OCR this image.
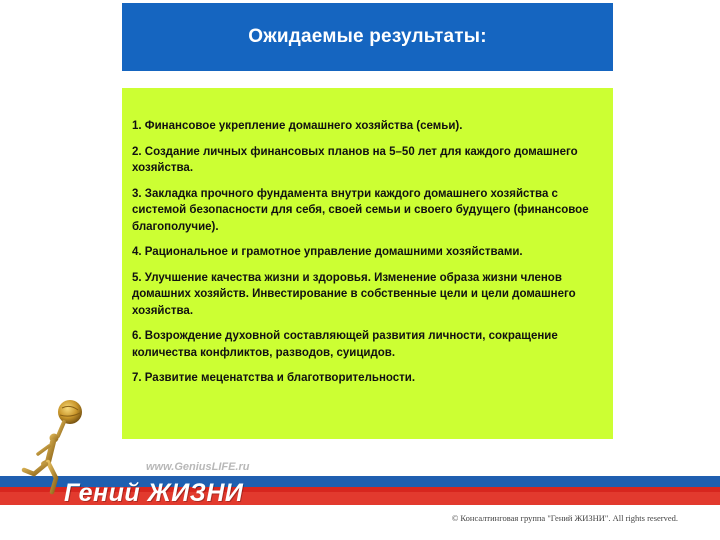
Ожидаемые результаты:
1. Финансовое укрепление домашнего хозяйства (семьи).
2. Создание личных финансовых планов на 5–50 лет для каждого домашнего хозяйства.
3. Закладка прочного фундамента внутри каждого домашнего хозяйства с системой безопасности для себя, своей семьи и своего будущего (финансовое благополучие).
4. Рациональное и грамотное управление домашними хозяйствами.
5. Улучшение качества жизни и здоровья. Изменение образа жизни членов домашних хозяйств. Инвестирование в собственные цели и цели домашнего хозяйства.
6. Возрождение духовной составляющей развития личности, сокращение количества конфликтов, разводов, суицидов.
7. Развитие меценатства и благотворительности.
www.GeniusLIFE.ru
Гений ЖИЗНИ
© Консалтинговая группа "Гений ЖИЗНИ". All rights reserved.
